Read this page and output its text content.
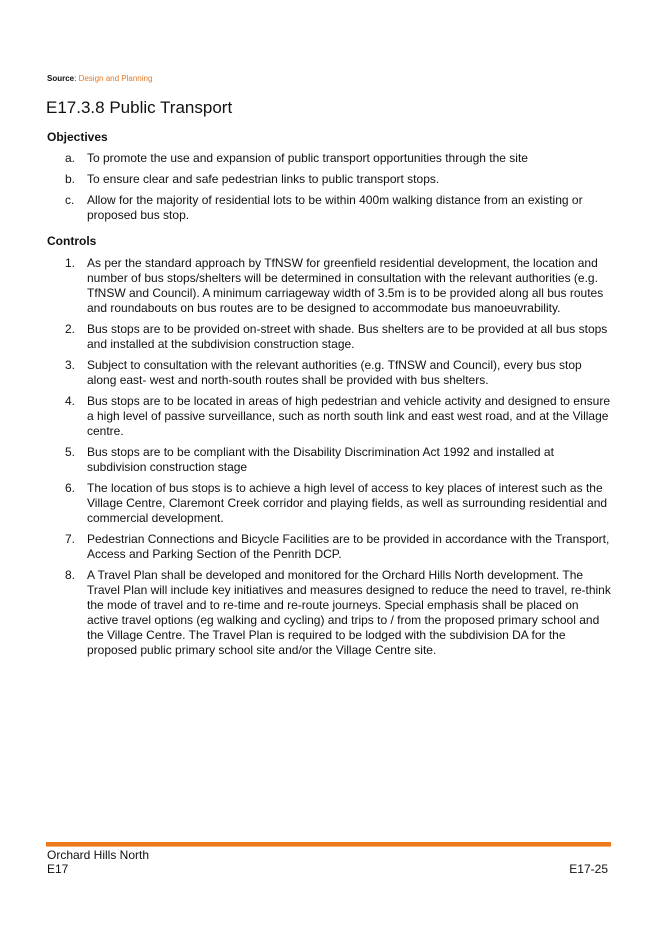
Source: Design and Planning
E17.3.8 Public Transport
Objectives
a. To promote the use and expansion of public transport opportunities through the site
b. To ensure clear and safe pedestrian links to public transport stops.
c. Allow for the majority of residential lots to be within 400m walking distance from an existing or proposed bus stop.
Controls
1. As per the standard approach by TfNSW for greenfield residential development, the location and number of bus stops/shelters will be determined in consultation with the relevant authorities (e.g. TfNSW and Council). A minimum carriageway width of 3.5m is to be provided along all bus routes and roundabouts on bus routes are to be designed to accommodate bus manoeuvrability.
2. Bus stops are to be provided on-street with shade. Bus shelters are to be provided at all bus stops and installed at the subdivision construction stage.
3. Subject to consultation with the relevant authorities (e.g. TfNSW and Council), every bus stop along east- west and north-south routes shall be provided with bus shelters.
4. Bus stops are to be located in areas of high pedestrian and vehicle activity and designed to ensure a high level of passive surveillance, such as north south link and east west road, and at the Village centre.
5. Bus stops are to be compliant with the Disability Discrimination Act 1992 and installed at subdivision construction stage
6. The location of bus stops is to achieve a high level of access to key places of interest such as the Village Centre, Claremont Creek corridor and playing fields, as well as surrounding residential and commercial development.
7. Pedestrian Connections and Bicycle Facilities are to be provided in accordance with the Transport, Access and Parking Section of the Penrith DCP.
8. A Travel Plan shall be developed and monitored for the Orchard Hills North development. The Travel Plan will include key initiatives and measures designed to reduce the need to travel, re-think the mode of travel and to re-time and re-route journeys. Special emphasis shall be placed on active travel options (eg walking and cycling) and trips to / from the proposed primary school and the Village Centre. The Travel Plan is required to be lodged with the subdivision DA for the proposed public primary school site and/or the Village Centre site.
Orchard Hills North
E17	E17-25
